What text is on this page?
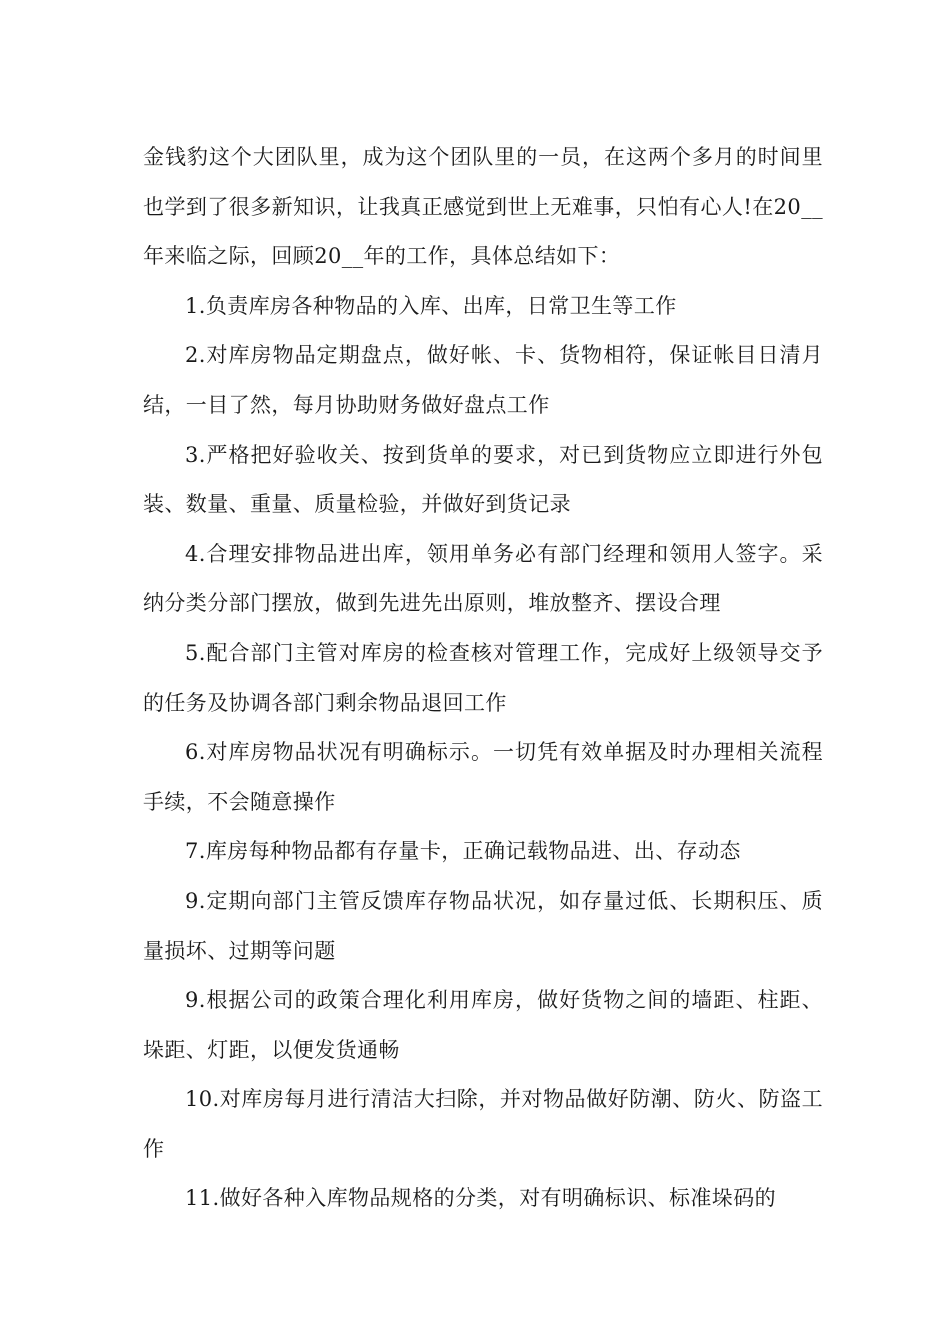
金钱豹这个大团队里，成为这个团队里的一员，在这两个多月的时间里也学到了很多新知识，让我真正感觉到世上无难事，只怕有心人!在20__年来临之际，回顾20__年的工作，具体总结如下：

1.负责库房各种物品的入库、出库，日常卫生等工作

2.对库房物品定期盘点，做好帐、卡、货物相符，保证帐目日清月结，一目了然，每月协助财务做好盘点工作

3.严格把好验收关、按到货单的要求，对已到货物应立即进行外包装、数量、重量、质量检验，并做好到货记录

4.合理安排物品进出库，领用单务必有部门经理和领用人签字。采纳分类分部门摆放，做到先进先出原则，堆放整齐、摆设合理

5.配合部门主管对库房的检查核对管理工作，完成好上级领导交予的任务及协调各部门剩余物品退回工作

6.对库房物品状况有明确标示。一切凭有效单据及时办理相关流程手续，不会随意操作

7.库房每种物品都有存量卡，正确记载物品进、出、存动态

9.定期向部门主管反馈库存物品状况，如存量过低、长期积压、质量损坏、过期等问题

9.根据公司的政策合理化利用库房，做好货物之间的墙距、柱距、垛距、灯距，以便发货通畅

10.对库房每月进行清洁大扫除，并对物品做好防潮、防火、防盗工作

11.做好各种入库物品规格的分类，对有明确标识、标准垛码的
